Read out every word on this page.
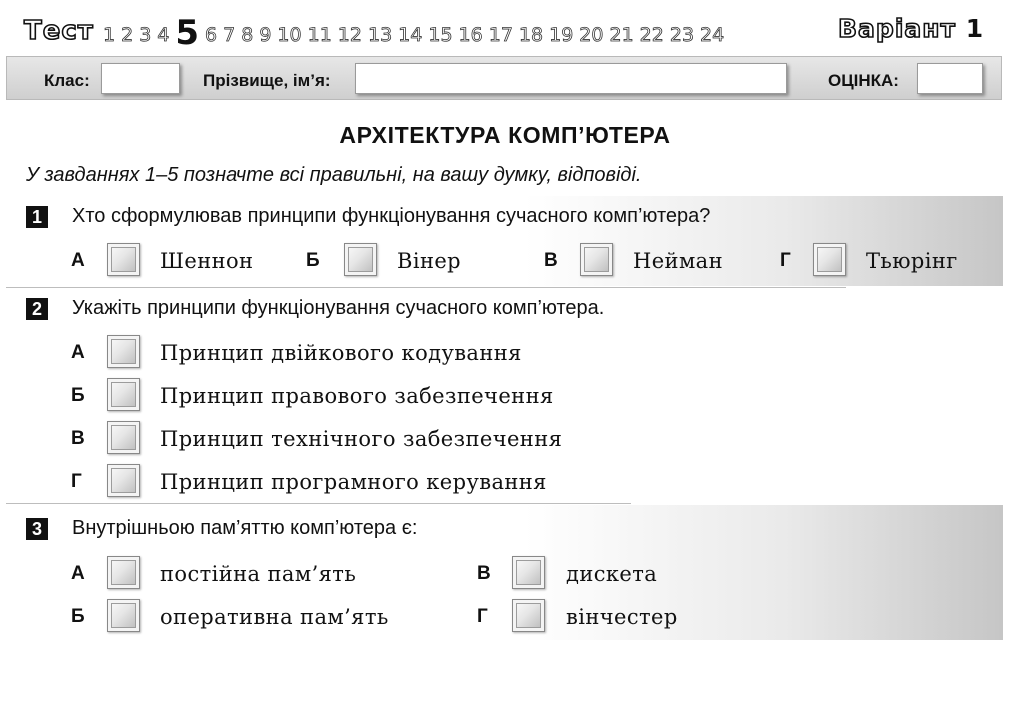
Тест 1 2 3 4 5 6 7 8 9 10 11 12 13 14 15 16 17 18 19 20 21 22 23 24	Варіант 1
Клас:	Прізвище, ім’я:	ОЦІНКА:
АРХІТЕКТУРА КОМП’ЮТЕРА
У завданнях 1–5 позначте всі правильні, на вашу думку, відповіді.
1	Хто сформулював принципи функціонування сучасного комп’ютера?
А	Шеннон	Б	Вінер	В	Нейман	Г	Тьюрінг
2	Укажіть принципи функціонування сучасного комп’ютера.
А	Принцип двійкового кодування
Б	Принцип правового забезпечення
В	Принцип технічного забезпечення
Г	Принцип програмного керування
3	Внутрішньою пам’яттю комп’ютера є:
А	постійна пам’ять
Б	оперативна пам’ять
В	дискета
Г	вінчестер
